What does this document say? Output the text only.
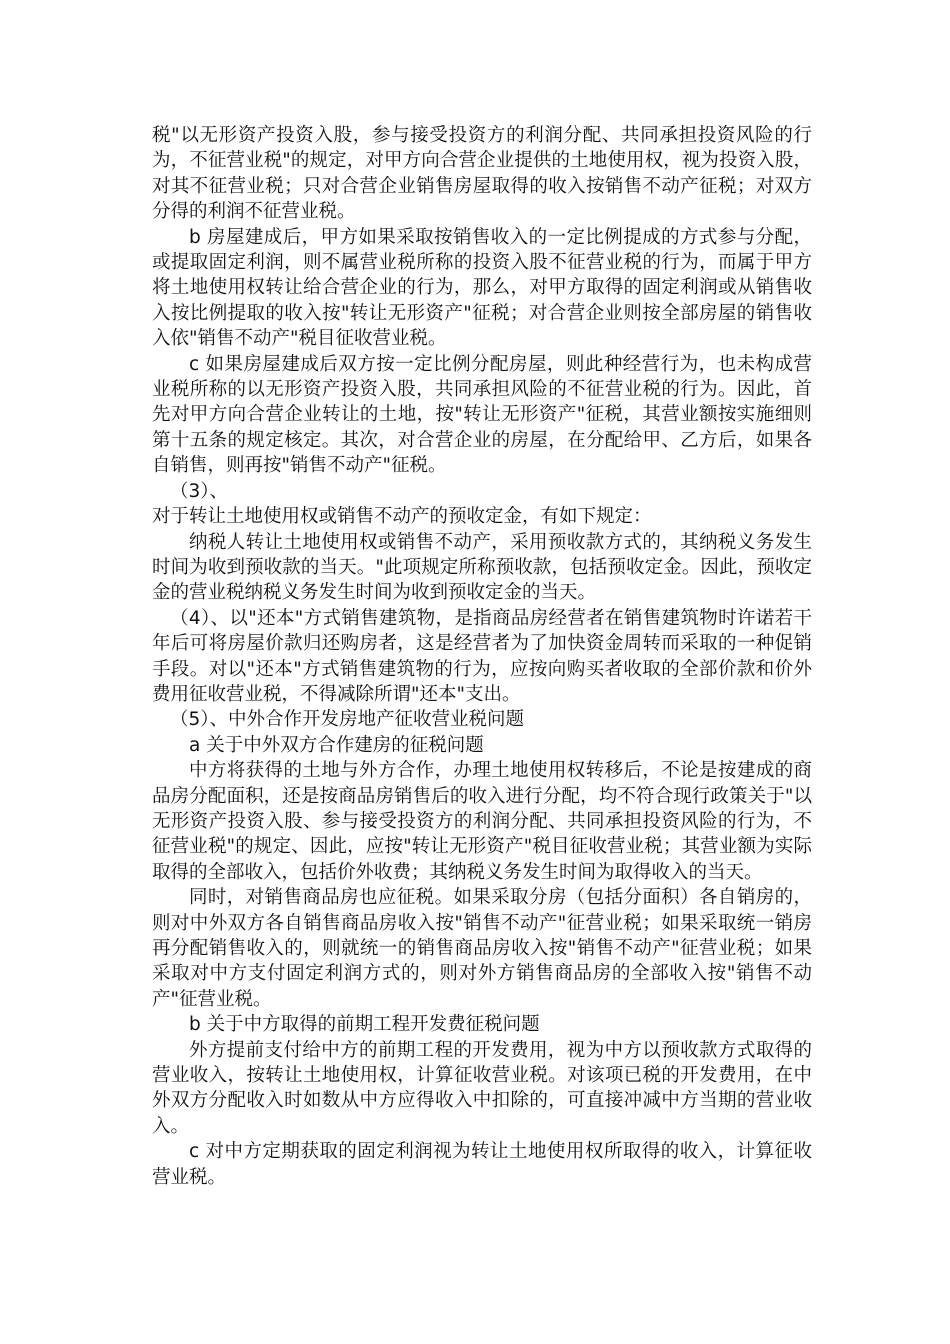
税"以无形资产投资入股，参与接受投资方的利润分配、共同承担投资风险的行为，不征营业税"的规定，对甲方向合营企业提供的土地使用权，视为投资入股，对其不征营业税；只对合营企业销售房屋取得的收入按销售不动产征税；对双方分得的利润不征营业税。

b 房屋建成后，甲方如果采取按销售收入的一定比例提成的方式参与分配，或提取固定利润，则不属营业税所称的投资入股不征营业税的行为，而属于甲方将土地使用权转让给合营企业的行为，那么，对甲方取得的固定利润或从销售收入按比例提取的收入按"转让无形资产"征税；对合营企业则按全部房屋的销售收入依"销售不动产"税目征收营业税。

c 如果房屋建成后双方按一定比例分配房屋，则此种经营行为，也未构成营业税所称的以无形资产投资入股，共同承担风险的不征营业税的行为。因此，首先对甲方向合营企业转让的土地，按"转让无形资产"征税，其营业额按实施细则第十五条的规定核定。其次，对合营企业的房屋，在分配给甲、乙方后，如果各自销售，则再按"销售不动产"征税。

（3）、

对于转让土地使用权或销售不动产的预收定金，有如下规定：

纳税人转让土地使用权或销售不动产，采用预收款方式的，其纳税义务发生时间为收到预收款的当天。"此项规定所称预收款，包括预收定金。因此，预收定金的营业税纳税义务发生时间为收到预收定金的当天。

（4）、以"还本"方式销售建筑物，是指商品房经营者在销售建筑物时许诺若干年后可将房屋价款归还购房者，这是经营者为了加快资金周转而采取的一种促销手段。对以"还本"方式销售建筑物的行为，应按向购买者收取的全部价款和价外费用征收营业税，不得减除所谓"还本"支出。

（5）、中外合作开发房地产征收营业税问题

a 关于中外双方合作建房的征税问题

中方将获得的土地与外方合作，办理土地使用权转移后，不论是按建成的商品房分配面积，还是按商品房销售后的收入进行分配，均不符合现行政策关于"以无形资产投资入股、参与接受投资方的利润分配、共同承担投资风险的行为，不征营业税"的规定、因此，应按"转让无形资产"税目征收营业税；其营业额为实际取得的全部收入，包括价外收费；其纳税义务发生时间为取得收入的当天。

同时，对销售商品房也应征税。如果采取分房（包括分面积）各自销房的，则对中外双方各自销售商品房收入按"销售不动产"征营业税；如果采取统一销房再分配销售收入的，则就统一的销售商品房收入按"销售不动产"征营业税；如果采取对中方支付固定利润方式的，则对外方销售商品房的全部收入按"销售不动产"征营业税。

b 关于中方取得的前期工程开发费征税问题

外方提前支付给中方的前期工程的开发费用，视为中方以预收款方式取得的营业收入，按转让土地使用权，计算征收营业税。对该项已税的开发费用，在中外双方分配收入时如数从中方应得收入中扣除的，可直接冲减中方当期的营业收入。

c 对中方定期获取的固定利润视为转让土地使用权所取得的收入，计算征收营业税。
